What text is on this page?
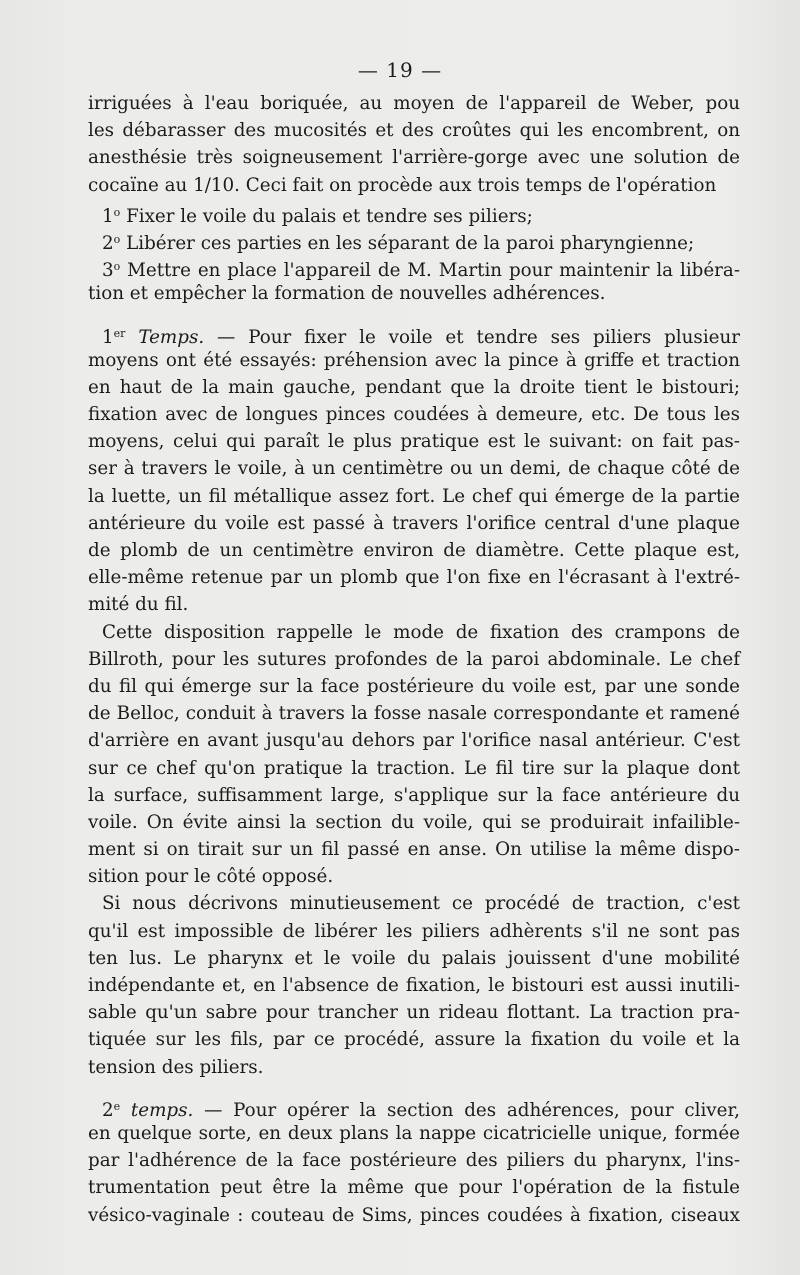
— 19 —
irriguées à l'eau boriquée, au moyen de l'appareil de Weber, pou
les débarasser des mucosités et des croûtes qui les encombrent, on
anesthésie très soigneusement l'arrière-gorge avec une solution de
cocaïne au 1/10. Ceci fait on procède aux trois temps de l'opération
1$^o$ Fixer le voile du palais et tendre ses piliers;
2$^o$ Libérer ces parties en les séparant de la paroi pharyngienne;
3$^o$ Mettre en place l'appareil de M. Martin pour maintenir la libéra-
tion et empêcher la formation de nouvelles adhérences.
1er Temps. — Pour fixer le voile et tendre ses piliers plusieur
moyens ont été essayés: préhension avec la pince à griffe et traction
en haut de la main gauche, pendant que la droite tient le bistouri;
fixation avec de longues pinces coudées à demeure, etc. De tous les
moyens, celui qui paraît le plus pratique est le suivant: on fait pas-
ser à travers le voile, à un centimètre ou un demi, de chaque côté de
la luette, un fil métallique assez fort. Le chef qui émerge de la partie
antérieure du voile est passé à travers l'orifice central d'une plaque
de plomb de un centimètre environ de diamètre. Cette plaque est,
elle-même retenue par un plomb que l'on fixe en l'écrasant à l'extré-
mité du fil.
Cette disposition rappelle le mode de fixation des crampons de
Billroth, pour les sutures profondes de la paroi abdominale. Le chef
du fil qui émerge sur la face postérieure du voile est, par une sonde
de Belloc, conduit à travers la fosse nasale correspondante et ramené
d'arrière en avant jusqu'au dehors par l'orifice nasal antérieur. C'est
sur ce chef qu'on pratique la traction. Le fil tire sur la plaque dont
la surface, suffisamment large, s'applique sur la face antérieure du
voile. On évite ainsi la section du voile, qui se produirait infailible-
ment si on tirait sur un fil passé en anse. On utilise la même dispo-
sition pour le côté opposé.
Si nous décrivons minutieusement ce procédé de traction, c'est
qu'il est impossible de libérer les piliers adhèrents s'il ne sont pas
ten lus. Le pharynx et le voile du palais jouissent d'une mobilité
indépendante et, en l'absence de fixation, le bistouri est aussi inutili-
sable qu'un sabre pour trancher un rideau flottant. La traction pra-
tiquée sur les fils, par ce procédé, assure la fixation du voile et la
tension des piliers.
2e temps. — Pour opérer la section des adhérences, pour cliver,
en quelque sorte, en deux plans la nappe cicatricielle unique, formée
par l'adhérence de la face postérieure des piliers du pharynx, l'ins-
trumentation peut être la même que pour l'opération de la fistule
vésico-vaginale : couteau de Sims, pinces coudées à fixation, ciseaux
